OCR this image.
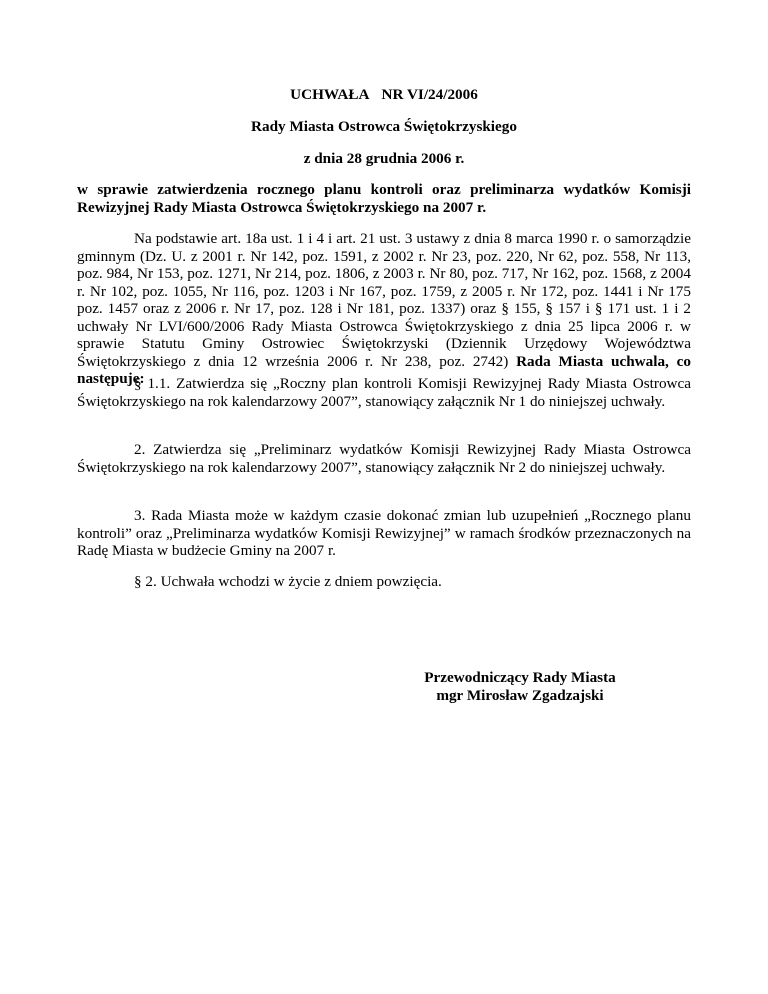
UCHWAŁA NR VI/24/2006
Rady Miasta Ostrowca Świętokrzyskiego
z dnia 28 grudnia 2006 r.
w sprawie zatwierdzenia rocznego planu kontroli oraz preliminarza wydatków Komisji Rewizyjnej Rady Miasta Ostrowca Świętokrzyskiego na 2007 r.
Na podstawie art. 18a ust. 1 i 4 i art. 21 ust. 3 ustawy z dnia 8 marca 1990 r. o samorządzie gminnym (Dz. U. z 2001 r. Nr 142, poz. 1591, z 2002 r. Nr 23, poz. 220, Nr 62, poz. 558, Nr 113, poz. 984, Nr 153, poz. 1271, Nr 214, poz. 1806, z 2003 r. Nr 80, poz. 717, Nr 162, poz. 1568, z 2004 r. Nr 102, poz. 1055, Nr 116, poz. 1203 i Nr 167, poz. 1759, z 2005 r. Nr 172, poz. 1441 i Nr 175 poz. 1457 oraz z 2006 r. Nr 17, poz. 128 i Nr 181, poz. 1337) oraz § 155, § 157 i § 171 ust. 1 i 2 uchwały Nr LVI/600/2006 Rady Miasta Ostrowca Świętokrzyskiego z dnia 25 lipca 2006 r. w sprawie Statutu Gminy Ostrowiec Świętokrzyski (Dziennik Urzędowy Województwa Świętokrzyskiego z dnia 12 września 2006 r. Nr 238, poz. 2742) Rada Miasta uchwala, co następuje:
§ 1.1. Zatwierdza się „Roczny plan kontroli Komisji Rewizyjnej Rady Miasta Ostrowca Świętokrzyskiego na rok kalendarzowy 2007”, stanowiący załącznik Nr 1 do niniejszej uchwały.
2. Zatwierdza się „Preliminarz wydatków Komisji Rewizyjnej Rady Miasta Ostrowca Świętokrzyskiego na rok kalendarzowy 2007”, stanowiący załącznik Nr 2 do niniejszej uchwały.
3. Rada Miasta może w każdym czasie dokonać zmian lub uzupełnień „Rocznego planu kontroli” oraz „Preliminarza wydatków Komisji Rewizyjnej” w ramach środków przeznaczonych na Radę Miasta w budżecie Gminy na 2007 r.
§ 2. Uchwała wchodzi w życie z dniem powzięcia.
Przewodniczący Rady Miasta
mgr Mirosław Zgadzajski
